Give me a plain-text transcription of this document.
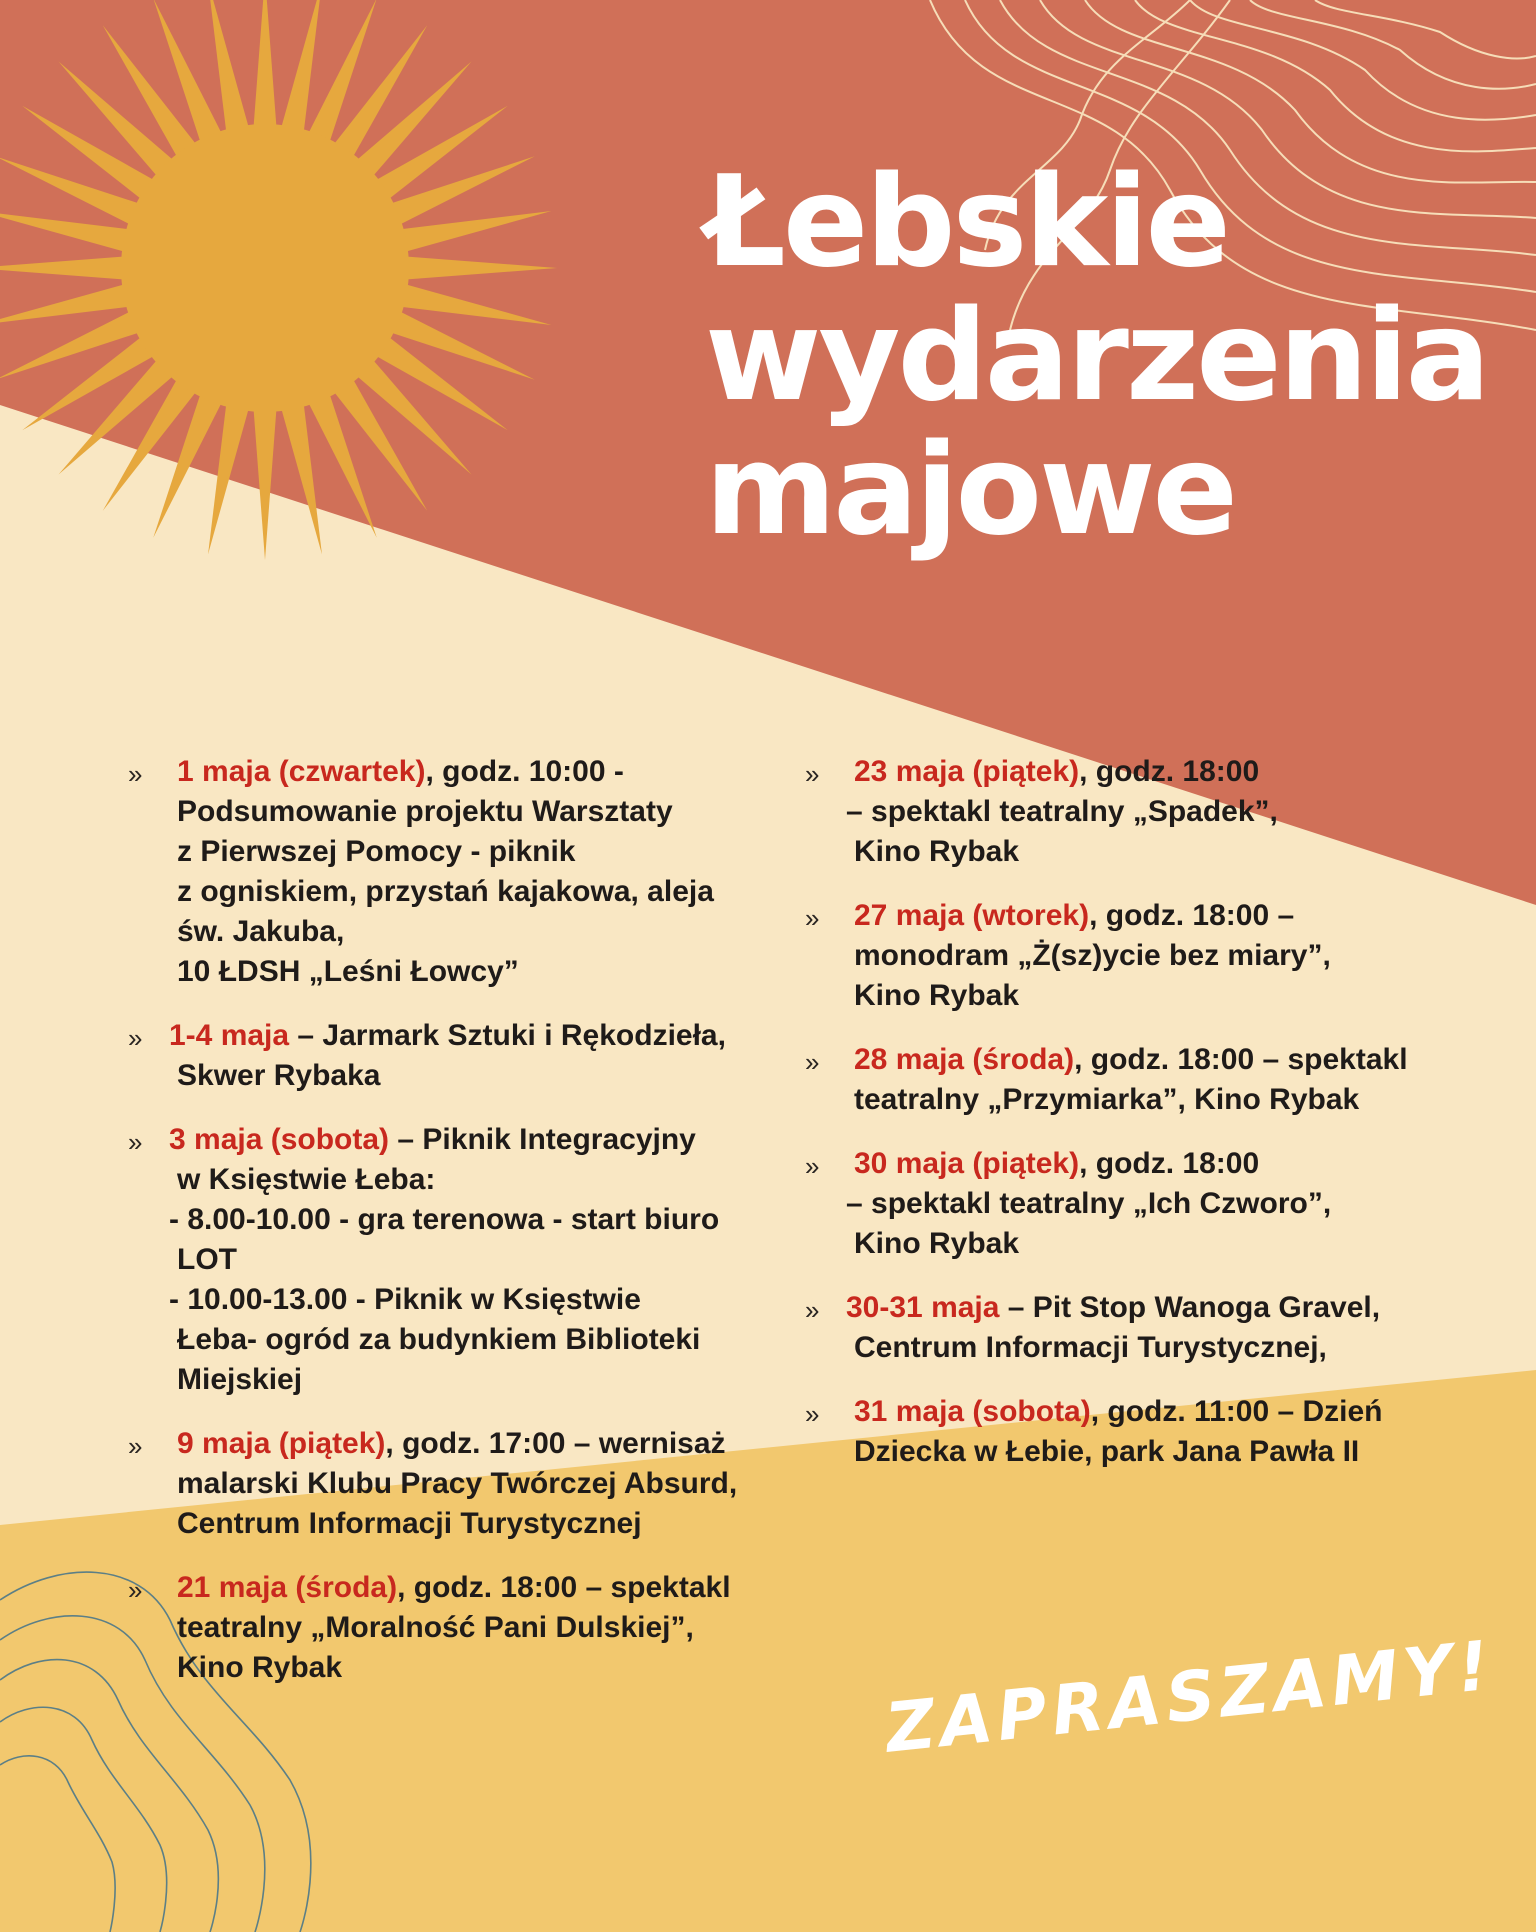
Łebskie
wydarzenia
majowe
» 1 maja (czwartek), godz. 10:00 -
Podsumowanie projektu Warsztaty
z Pierwszej Pomocy - piknik
z ogniskiem, przystań kajakowa, aleja
św. Jakuba,
10 ŁDSH „Leśni Łowcy”
» 1-4 maja – Jarmark Sztuki i Rękodzieła,
Skwer Rybaka
» 3 maja (sobota) – Piknik Integracyjny
w Księstwie Łeba:
- 8.00-10.00 - gra terenowa - start biuro
LOT
- 10.00-13.00 - Piknik w Księstwie
Łeba- ogród za budynkiem Biblioteki
Miejskiej
» 9 maja (piątek), godz. 17:00 – wernisaż
malarski Klubu Pracy Twórczej Absurd,
Centrum Informacji Turystycznej
» 21 maja (środa), godz. 18:00 – spektakl
teatralny „Moralność Pani Dulskiej”,
Kino Rybak
» 23 maja (piątek), godz. 18:00
– spektakl teatralny „Spadek”,
Kino Rybak
» 27 maja (wtorek), godz. 18:00 –
monodram „Ż(sz)ycie bez miary”,
Kino Rybak
» 28 maja (środa), godz. 18:00 – spektakl
teatralny „Przymiarka”, Kino Rybak
» 30 maja (piątek), godz. 18:00
– spektakl teatralny „Ich Czworo”,
Kino Rybak
» 30-31 maja – Pit Stop Wanoga Gravel,
Centrum Informacji Turystycznej,
» 31 maja (sobota), godz. 11:00 – Dzień
Dziecka w Łebie, park Jana Pawła II
ZAPRASZAMY!
